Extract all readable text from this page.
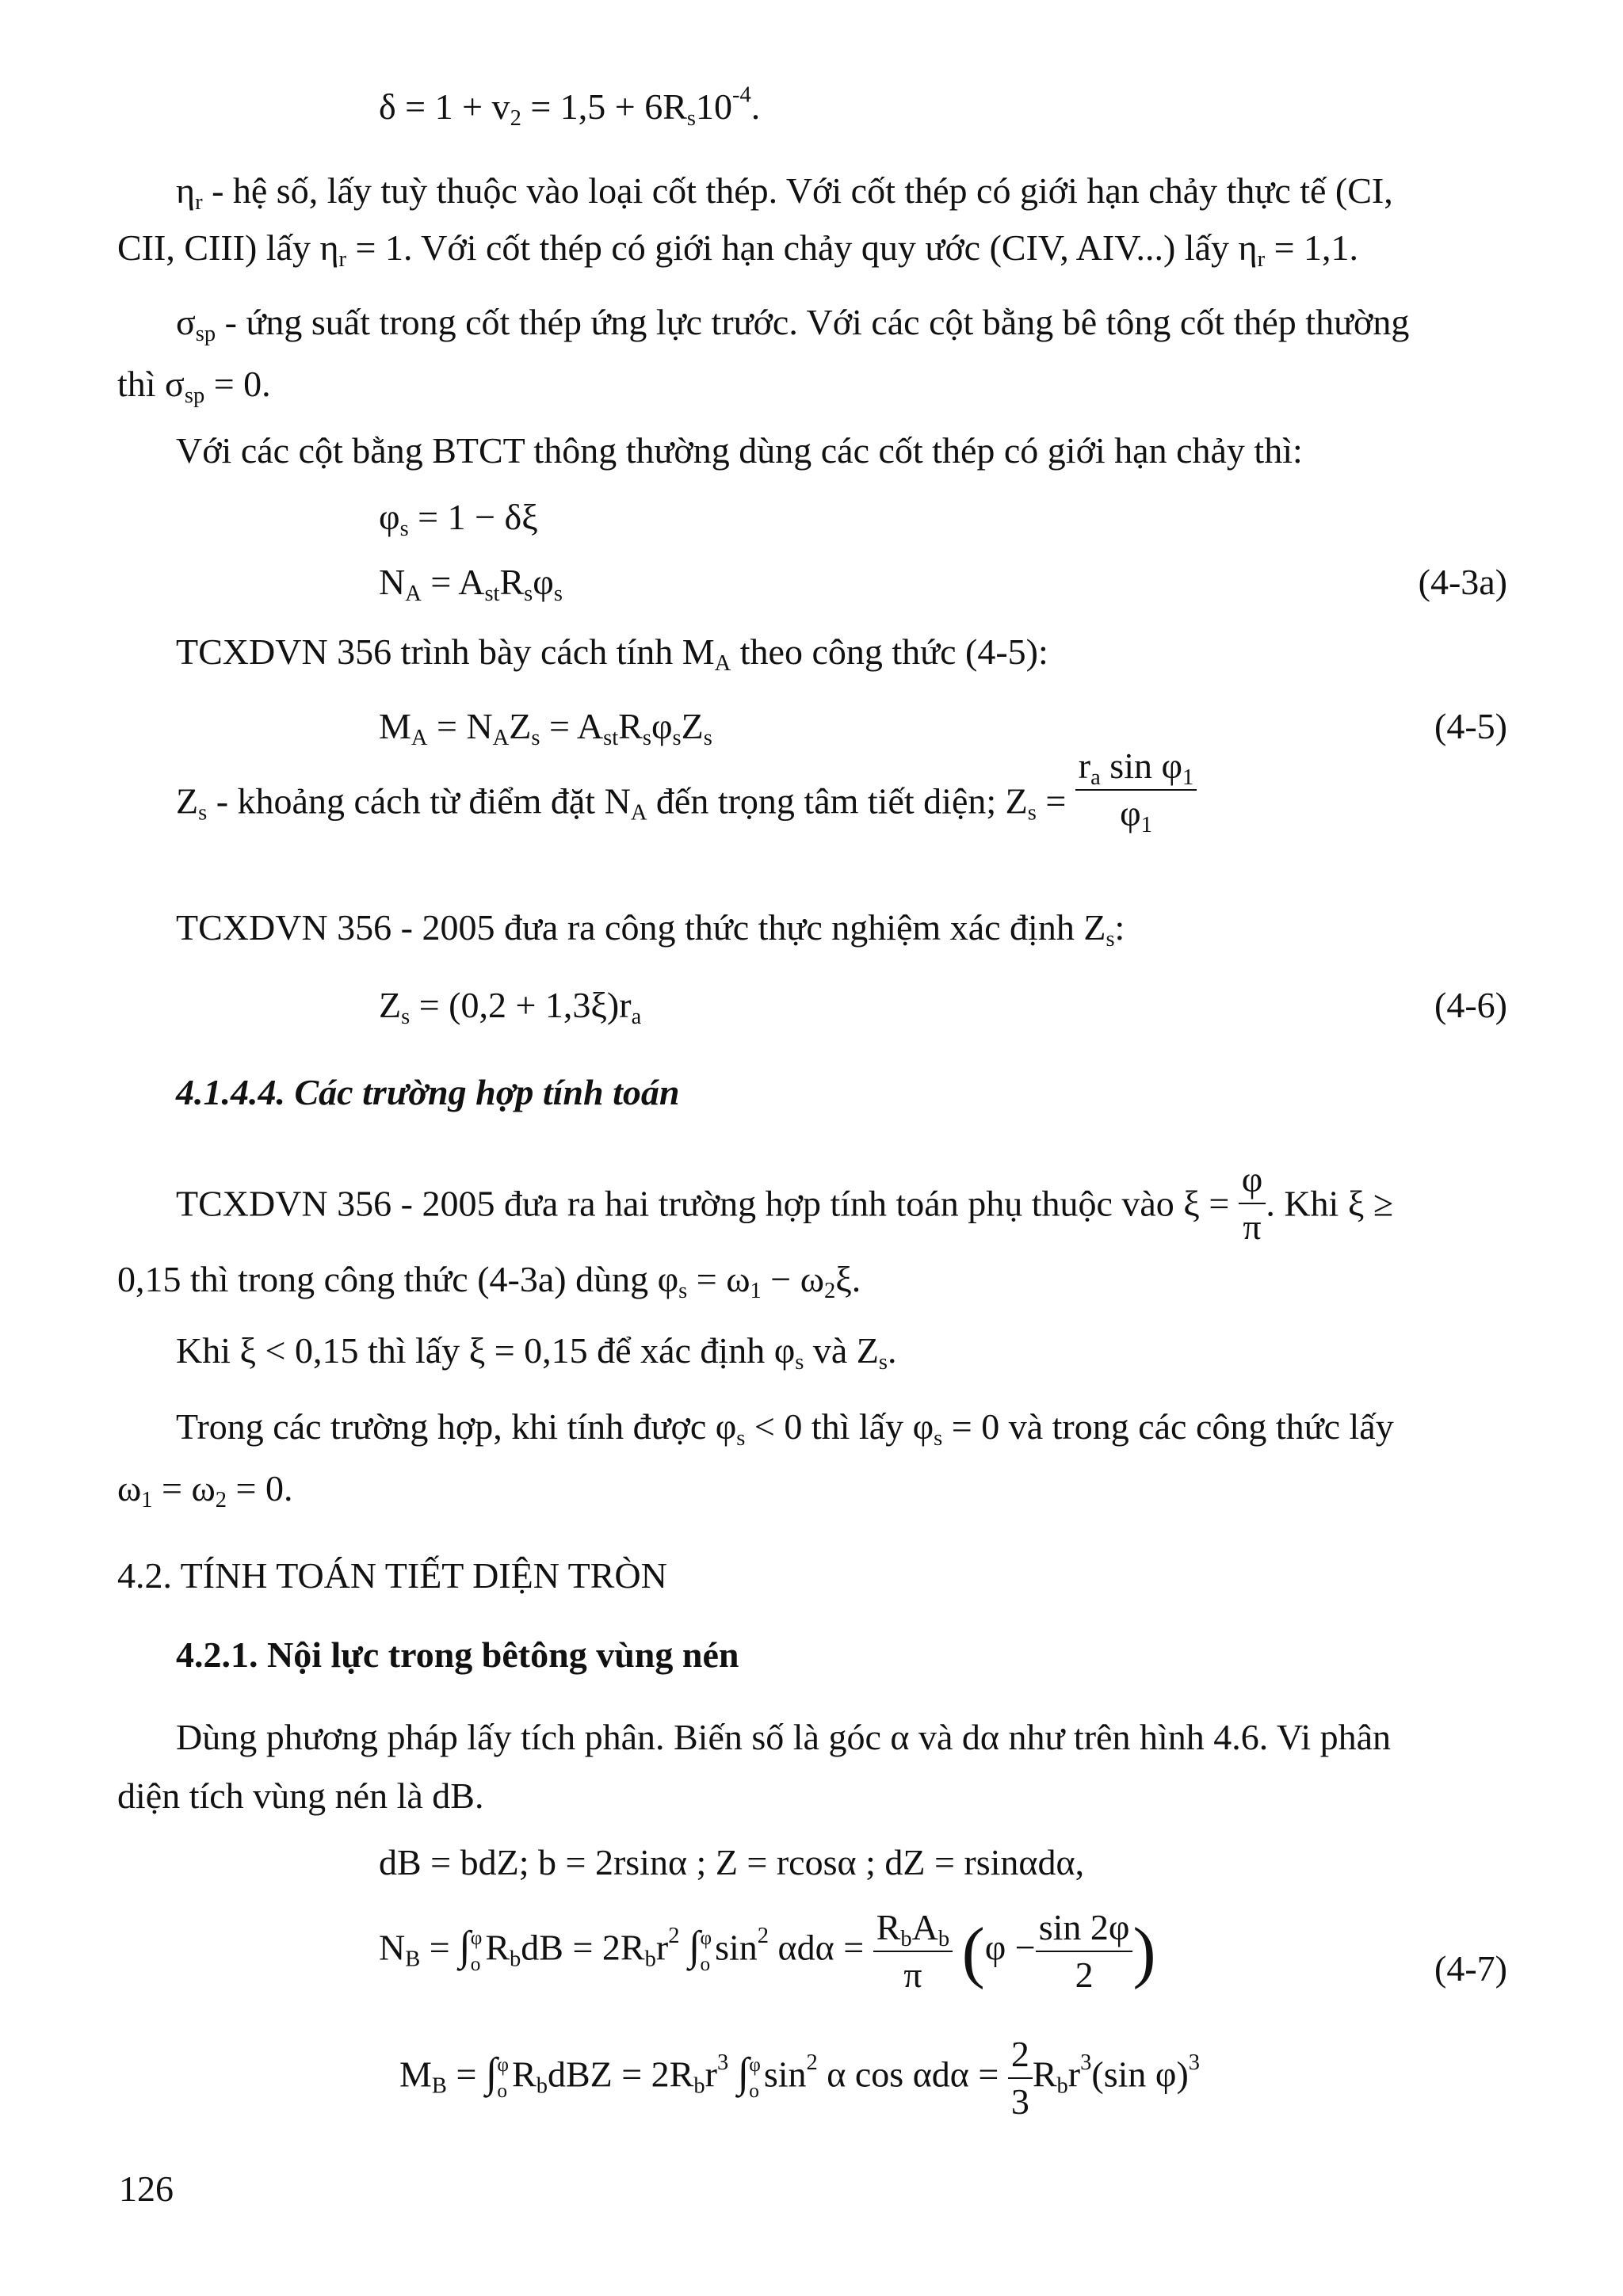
$\delta = 1 + v_2 = 1,5 + 6R_s10^{-4}$.
$\eta_r$ - hệ số, lấy tuỳ thuộc vào loại cốt thép. Với cốt thép có giới hạn chảy thực tế (CI,
CII, CIII) lấy $\eta_r = 1$. Với cốt thép có giới hạn chảy quy ước (CIV, AIV...) lấy $\eta_r = 1,1$.
$\sigma_{sp}$ - ứng suất trong cốt thép ứng lực trước. Với các cột bằng bê tông cốt thép thường
thì $\sigma_{sp} = 0$.
Với các cột bằng BTCT thông thường dùng các cốt thép có giới hạn chảy thì:
$\varphi_s = 1 - \delta\xi$
$N_A = A_{st}R_s\varphi_s$	(4-3a)
TCXDVN 356 trình bày cách tính $M_A$ theo công thức (4-5):
$M_A = N_AZ_s = A_{st}R_s\varphi_sZ_s$	(4-5)
$Z_s$ - khoảng cách từ điểm đặt $N_A$ đến trọng tâm tiết diện; $Z_s = \frac{r_a \sin \varphi_1}{\varphi_1}$
TCXDVN 356 - 2005 đưa ra công thức thực nghiệm xác định $Z_s$:
$Z_s = (0,2 + 1,3\xi)r_a$	(4-6)
4.1.4.4. Các trường hợp tính toán
TCXDVN 356 - 2005 đưa ra hai trường hợp tính toán phụ thuộc vào $\xi = \frac{\varphi}{\pi}$ . Khi ξ ≥
0,15 thì trong công thức (4-3a) dùng $\varphi_s = \omega_1 - \omega_2\xi$.
Khi ξ < 0,15 thì lấy ξ = 0,15 để xác định $\varphi_s$ và $Z_s$.
Trong các trường hợp, khi tính được $\varphi_s < 0$ thì lấy $\varphi_s = 0$ và trong các công thức lấy
$\omega_1 = \omega_2 = 0$.
4.2. TÍNH TOÁN TIẾT DIỆN TRÒN
4.2.1. Nội lực trong bêtông vùng nén
Dùng phương pháp lấy tích phân. Biến số là góc α và dα như trên hình 4.6. Vi phân
diện tích vùng nén là dB.
dB = bdZ; b = 2rsinα ; Z = rcosα ; dZ = rsinαdα,
$N_B$ = ∫ φ
o $R_bdB = 2R_br^2$ ∫ φ
o $\sin^2 \alpha d\alpha = \frac{R_bA_b}{\pi} (\varphi - \frac{\sin 2\varphi}{2}$ )	(4-7)
$M_B$ = ∫ φ
o $R_bdBZ = 2R_br^3$ ∫ φ
o $\sin^2 \alpha$ $\cos \alpha d\alpha = \frac{2}{3} R_br^3(\sin$ φ)$^3$
126
